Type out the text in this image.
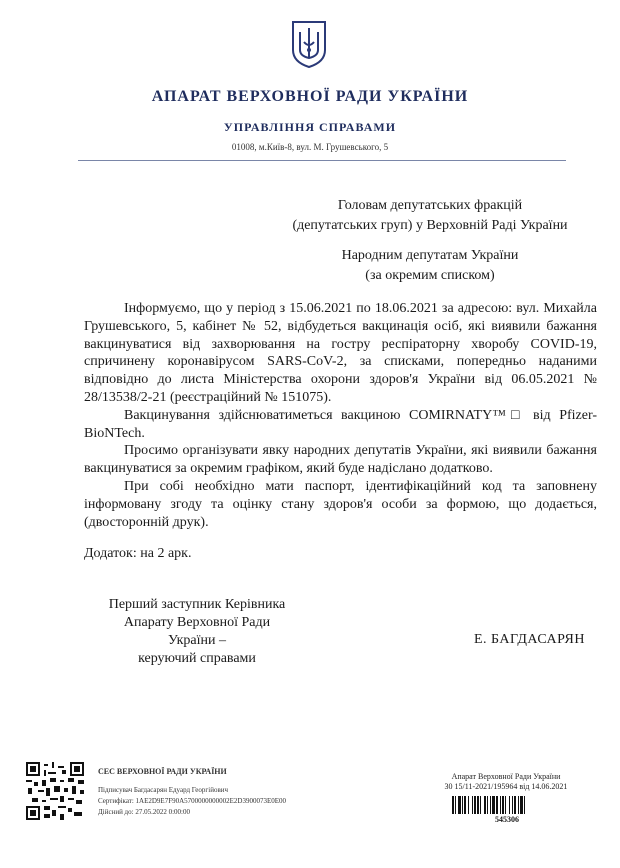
АПАРАТ ВЕРХОВНОЇ РАДИ УКРАЇНИ
УПРАВЛІННЯ СПРАВАМИ
01008, м.Київ-8, вул. М. Грушевського, 5
Головам депутатських фракцій
(депутатських груп) у Верховній Раді України
Народним депутатам України
(за окремим списком)

Інформуємо, що у період з 15.06.2021 по 18.06.2021 за адресою: вул. Михайла Грушевського, 5, кабінет № 52, відбудеться вакцинація осіб, які виявили бажання вакцинуватися від захворювання на гостру респіраторну хворобу COVID-19, спричинену коронавірусом SARS-CoV-2, за списками, попередньо наданими відповідно до листа Міністерства охорони здоров'я України від 06.05.2021 № 28/13538/2-21 (реєстраційний № 151075).

Вакцинування здійснюватиметься вакциною COMIRNATY™□ від Pfizer-BioNTech.

Просимо організувати явку народних депутатів України, які виявили бажання вакцинуватися за окремим графіком, який буде надіслано додатково.

При собі необхідно мати паспорт, ідентифікаційний код та заповнену інформовану згоду та оцінку стану здоров'я особи за формою, що додається, (двосторонній друк).

Додаток: на 2 арк.
Перший заступник Керівника
Апарату Верховної Ради України –
керуючий справами
Е. БАГДАСАРЯН
СЕС ВЕРХОВНОЇ РАДИ УКРАЇНИ
Підписувач Багдасарян Едуард Георгійович
Сертифікат: 1AE2D9E7F90A5700000000002E2D3900073E0E00
Дійсний до: 27.05.2022 0:00:00
Апарат Верховної Ради України
30 15/11-2021/195964 від 14.06.2021
545306
